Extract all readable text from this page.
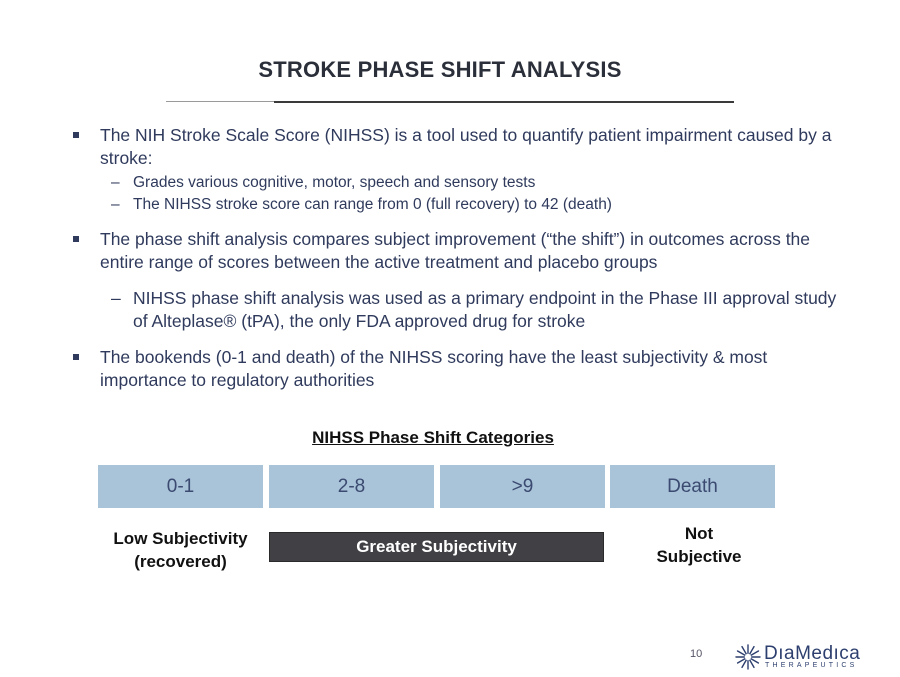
STROKE PHASE SHIFT ANALYSIS
The NIH Stroke Scale Score (NIHSS) is a tool used to quantify patient impairment caused by a stroke:
– Grades various cognitive, motor, speech and sensory tests
– The NIHSS stroke score can range from 0 (full recovery) to 42 (death)
The phase shift analysis compares subject improvement (“the shift”) in outcomes across the entire range of scores between the active treatment and placebo groups
– NIHSS phase shift analysis was used as a primary endpoint in the Phase III approval study of Alteplase® (tPA), the only FDA approved drug for stroke
The bookends (0-1 and death) of the NIHSS scoring have the least subjectivity & most importance to regulatory authorities
NIHSS Phase Shift Categories
0-1	2-8	>9	Death
Low Subjectivity (recovered)
Greater Subjectivity
Not Subjective
10	DıaMedıca
THERAPEUTICS
